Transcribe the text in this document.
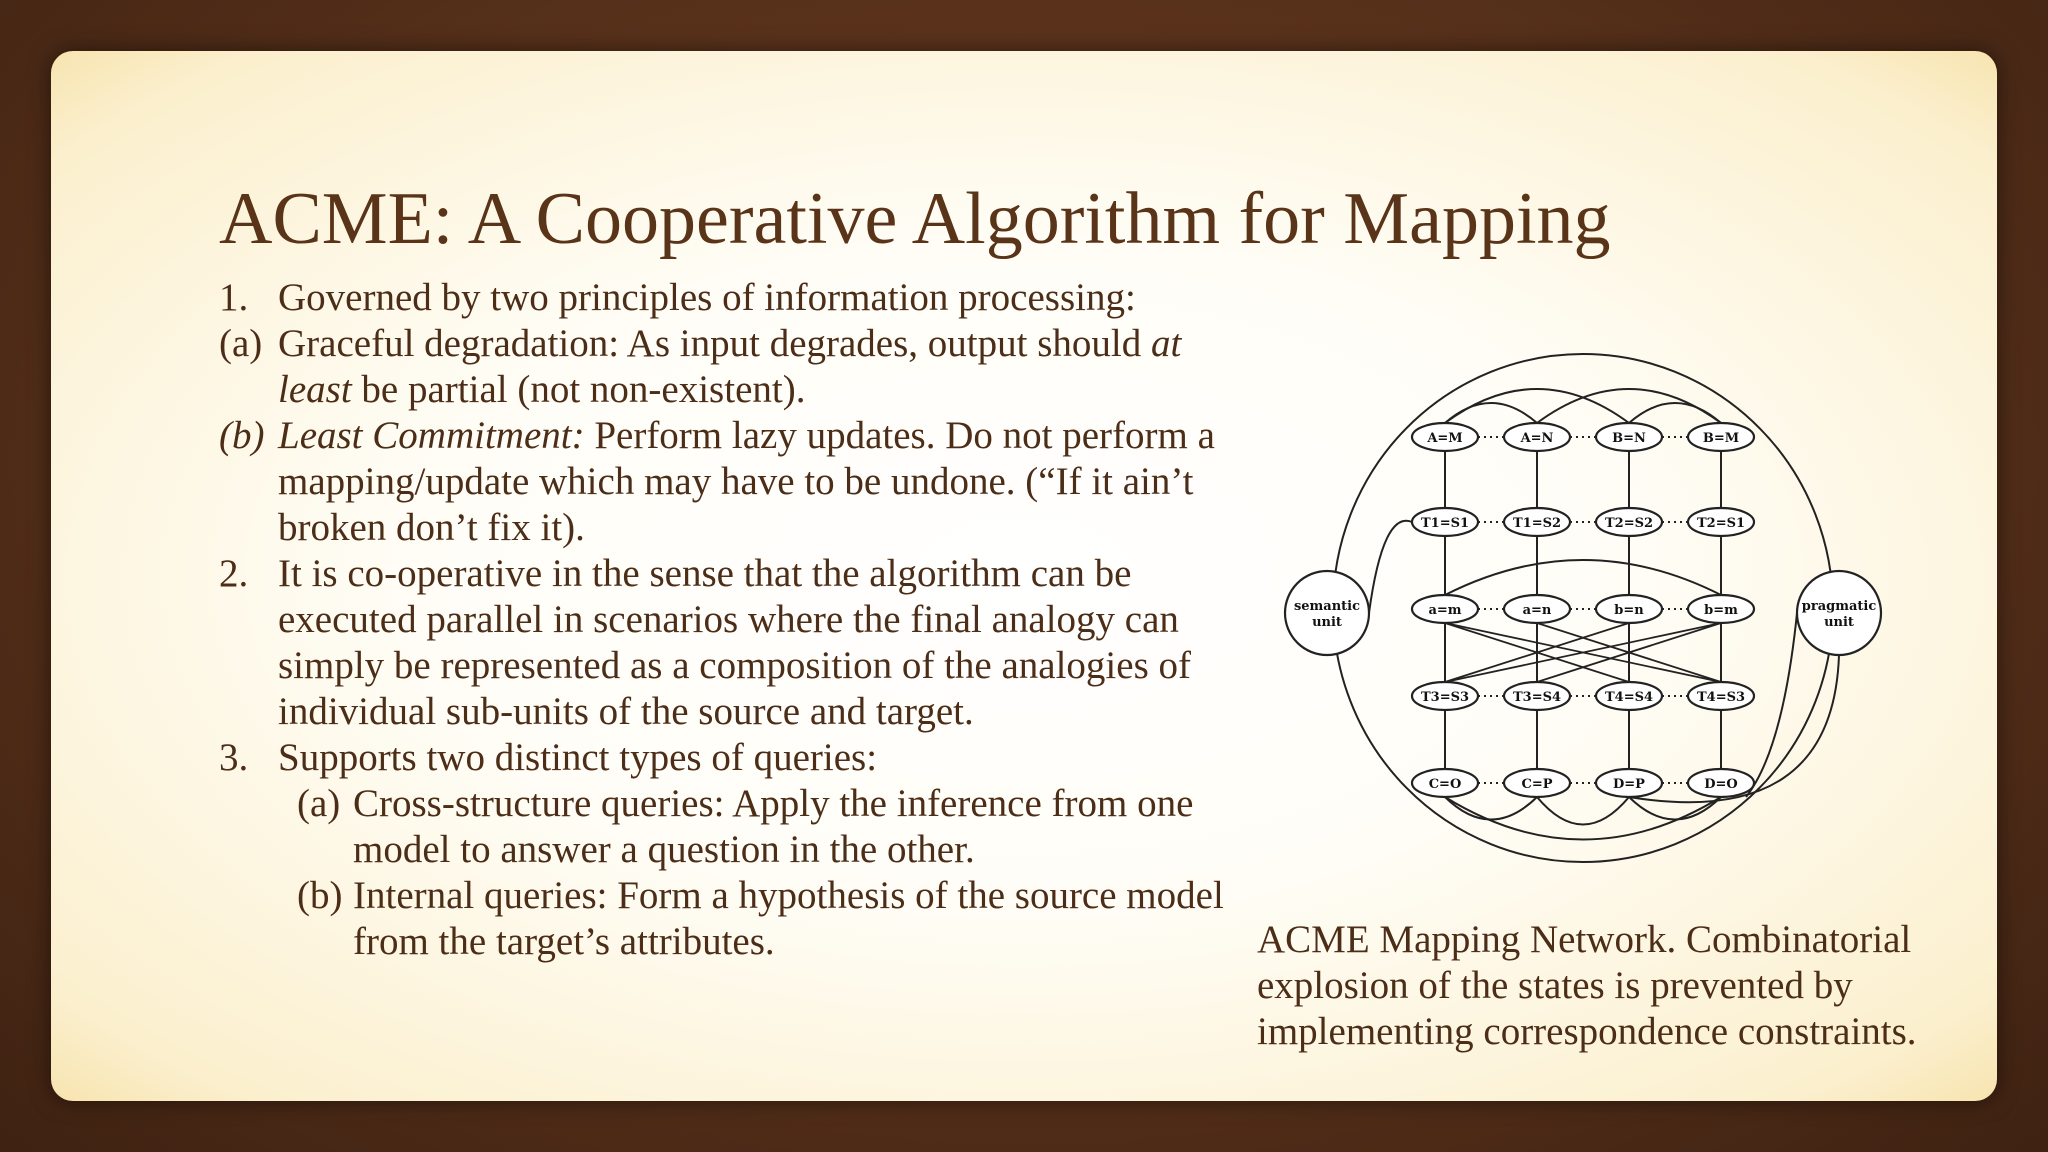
ACME: A Cooperative Algorithm for Mapping
1. Governed by two principles of information processing:
(a) Graceful degradation: As input degrades, output should at least be partial (not non-existent).
(b) Least Commitment: Perform lazy updates. Do not perform a mapping/update which may have to be undone. (“If it ain’t broken don’t fix it).
2. It is co-operative in the sense that the algorithm can be executed parallel in scenarios where the final analogy can simply be represented as a composition of the analogies of individual sub-units of the source and target.
3. Supports two distinct types of queries:
(a) Cross-structure queries: Apply the inference from one model to answer a question in the other.
(b) Internal queries: Form a hypothesis of the source model from the target’s attributes.
semantic unit
pragmatic unit
A=M	A=N	B=N	B=M
T1=S1	T1=S2	T2=S2	T2=S1
a=m	a=n	b=n	b=m
T3=S3	T3=S4	T4=S4	T4=S3
C=O	C=P	D=P	D=O
ACME Mapping Network. Combinatorial explosion of the states is prevented by implementing correspondence constraints.
